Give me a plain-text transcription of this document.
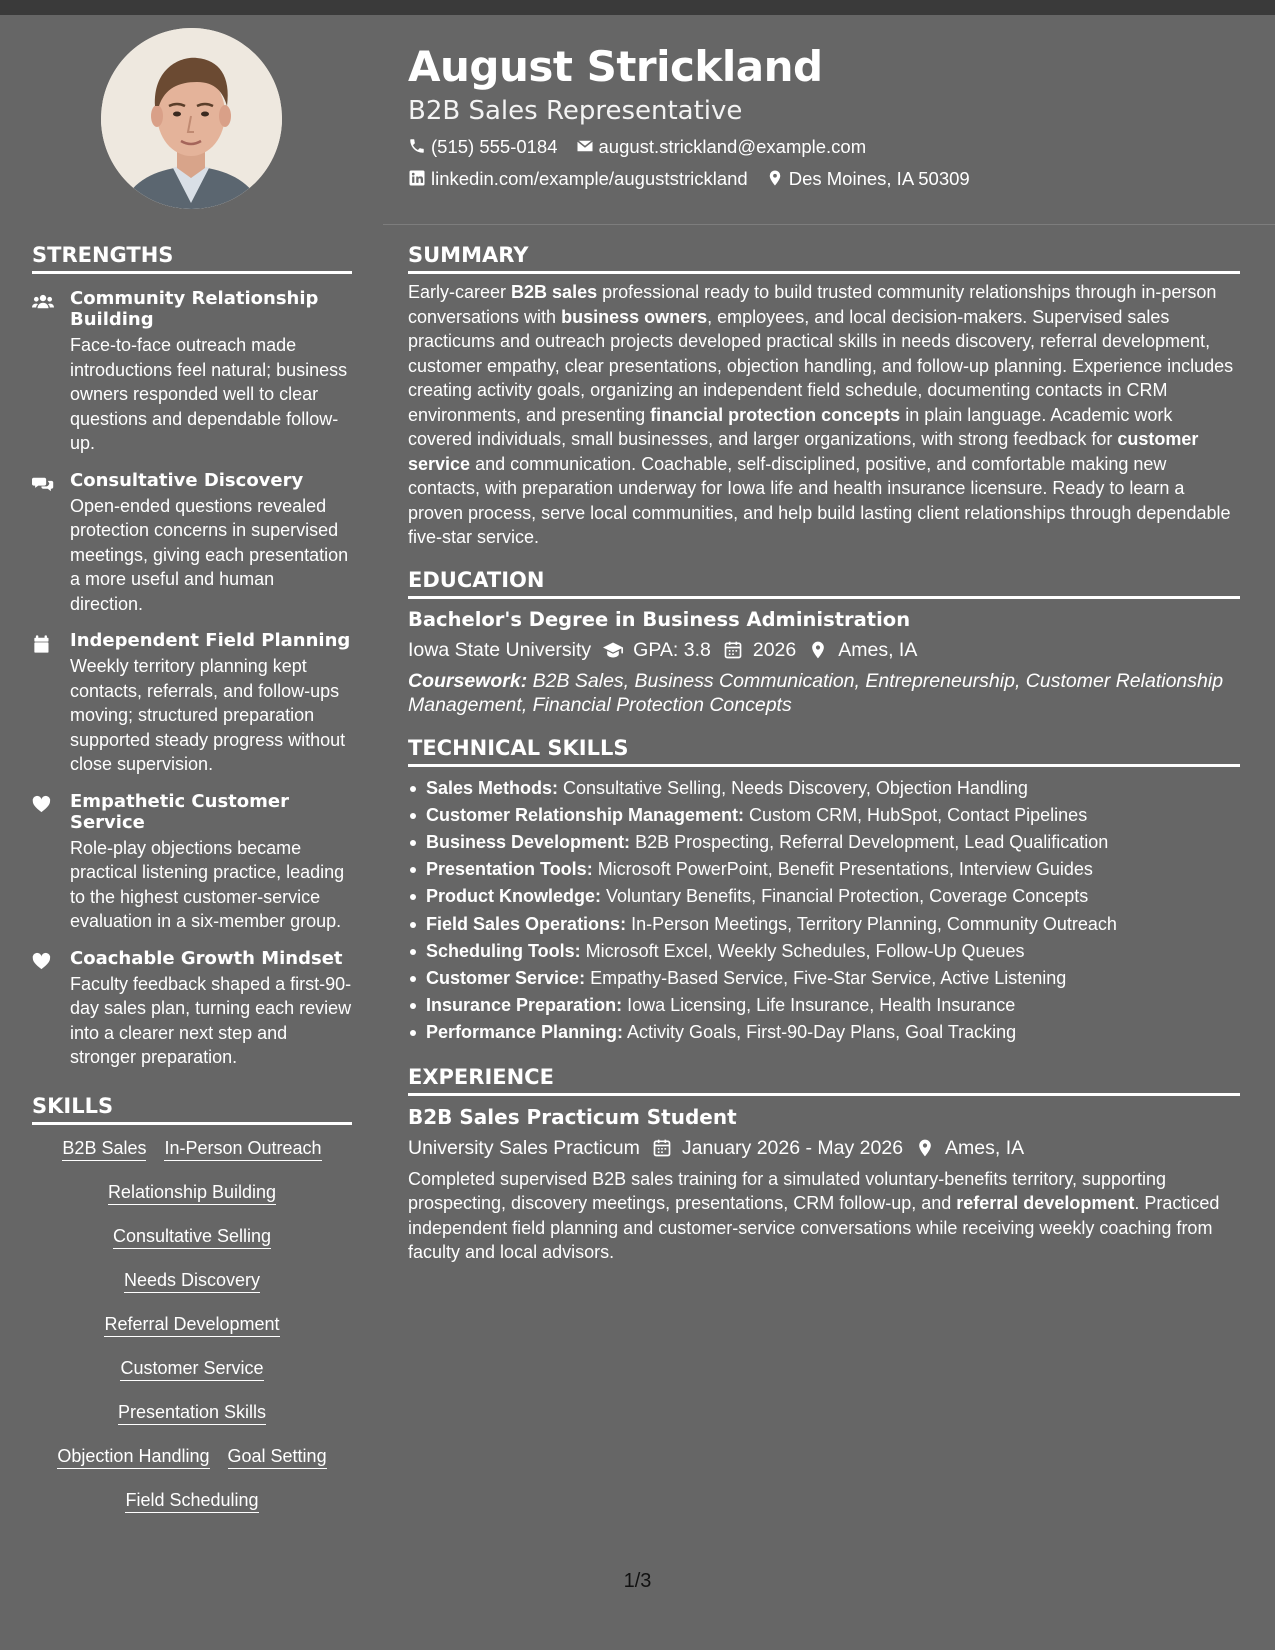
August Strickland
B2B Sales Representative
(515) 555-0184 august.strickland@example.com
linkedin.com/example/auguststrickland Des Moines, IA 50309
STRENGTHS
Community Relationship Building
Face-to-face outreach made introductions feel natural; business owners responded well to clear questions and dependable follow-up.
Consultative Discovery
Open-ended questions revealed protection concerns in supervised meetings, giving each presentation a more useful and human direction.
Independent Field Planning
Weekly territory planning kept contacts, referrals, and follow-ups moving; structured preparation supported steady progress without close supervision.
Empathetic Customer Service
Role-play objections became practical listening practice, leading to the highest customer-service evaluation in a six-member group.
Coachable Growth Mindset
Faculty feedback shaped a first-90-day sales plan, turning each review into a clearer next step and stronger preparation.
SKILLS
B2B Sales In-Person Outreach
Relationship Building
Consultative Selling
Needs Discovery
Referral Development
Customer Service
Presentation Skills
Objection Handling Goal Setting
Field Scheduling
SUMMARY
Early-career B2B sales professional ready to build trusted community relationships through in-person conversations with business owners, employees, and local decision-makers. Supervised sales practicums and outreach projects developed practical skills in needs discovery, referral development, customer empathy, clear presentations, objection handling, and follow-up planning. Experience includes creating activity goals, organizing an independent field schedule, documenting contacts in CRM environments, and presenting financial protection concepts in plain language. Academic work covered individuals, small businesses, and larger organizations, with strong feedback for customer service and communication. Coachable, self-disciplined, positive, and comfortable making new contacts, with preparation underway for Iowa life and health insurance licensure. Ready to learn a proven process, serve local communities, and help build lasting client relationships through dependable five-star service.
EDUCATION
Bachelor's Degree in Business Administration
Iowa State University GPA: 3.8 2026 Ames, IA
Coursework: B2B Sales, Business Communication, Entrepreneurship, Customer Relationship Management, Financial Protection Concepts
TECHNICAL SKILLS
Sales Methods: Consultative Selling, Needs Discovery, Objection Handling
Customer Relationship Management: Custom CRM, HubSpot, Contact Pipelines
Business Development: B2B Prospecting, Referral Development, Lead Qualification
Presentation Tools: Microsoft PowerPoint, Benefit Presentations, Interview Guides
Product Knowledge: Voluntary Benefits, Financial Protection, Coverage Concepts
Field Sales Operations: In-Person Meetings, Territory Planning, Community Outreach
Scheduling Tools: Microsoft Excel, Weekly Schedules, Follow-Up Queues
Customer Service: Empathy-Based Service, Five-Star Service, Active Listening
Insurance Preparation: Iowa Licensing, Life Insurance, Health Insurance
Performance Planning: Activity Goals, First-90-Day Plans, Goal Tracking
EXPERIENCE
B2B Sales Practicum Student
University Sales Practicum January 2026 - May 2026 Ames, IA
Completed supervised B2B sales training for a simulated voluntary-benefits territory, supporting prospecting, discovery meetings, presentations, CRM follow-up, and referral development. Practiced independent field planning and customer-service conversations while receiving weekly coaching from faculty and local advisors.
1/3
